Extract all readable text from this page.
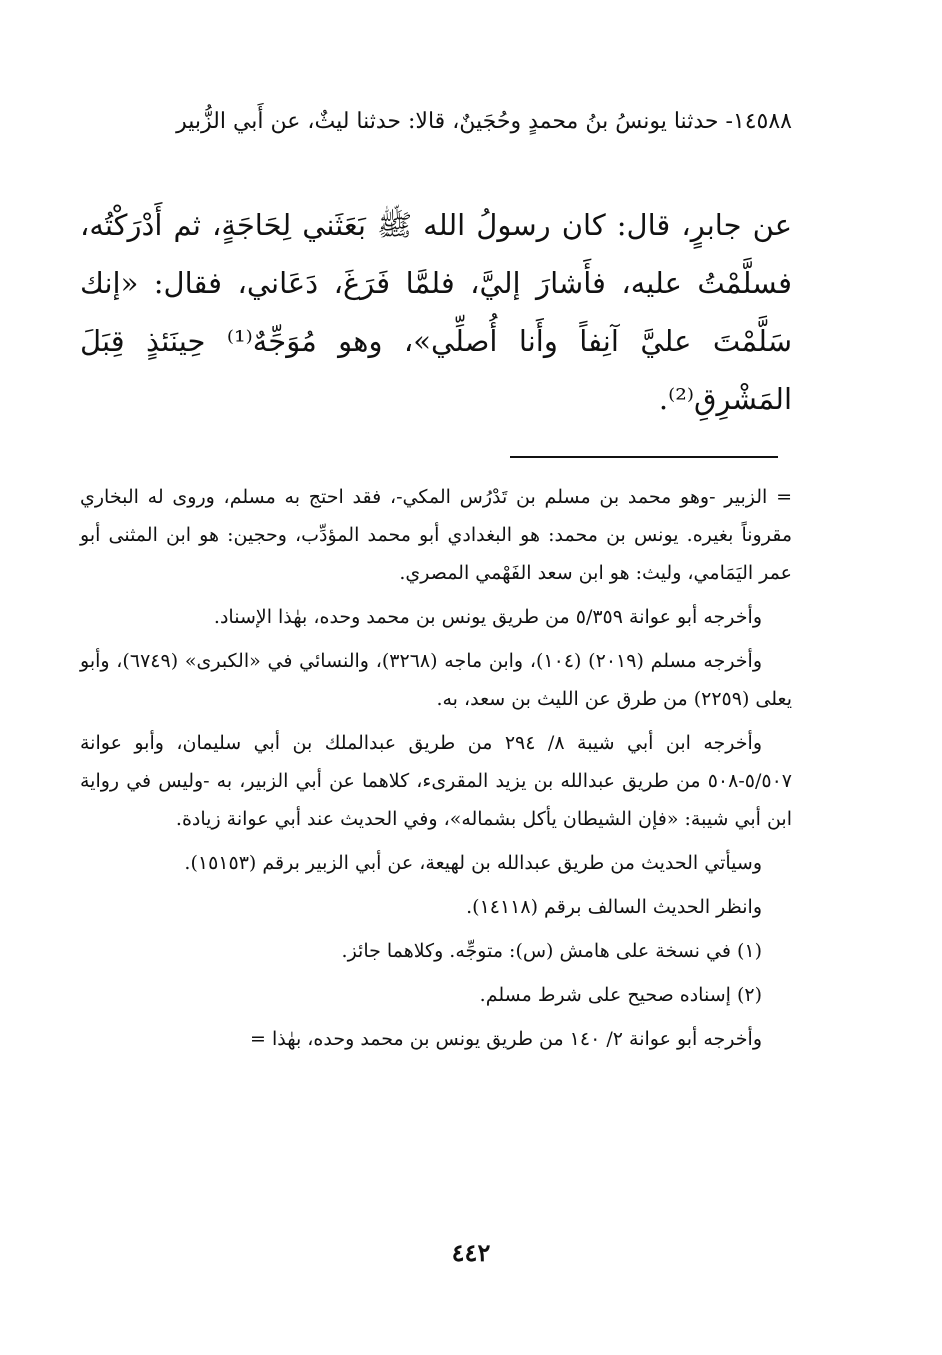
١٤٥٨٨- حدثنا يونسُ بنُ محمدٍ وحُجَينٌ، قالا: حدثنا ليثٌ، عن أَبي الزُّبير
عن جابرٍ، قال: كان رسولُ الله ﷺ بَعَثَني لِحَاجَةٍ، ثم أَدْرَكْتُه، فسلَّمْتُ عليه، فأَشارَ إليَّ، فلمَّا فَرَغَ، دَعَاني، فقال: «إنك سَلَّمْتَ عليَّ آنِفاً وأَنا أُصلِّي»، وهو مُوَجِّهٌ⁽¹⁾ حِينَئذٍ قِبَلَ المَشْرِقِ⁽²⁾.

= الزبير -وهو محمد بن مسلم بن تَدْرُس المكي-، فقد احتج به مسلم، وروى له البخاري مقروناً بغيره. يونس بن محمد: هو البغدادي أبو محمد المؤدِّب، وحجين: هو ابن المثنى أبو عمر اليَمَامي، وليث: هو ابن سعد الفَهْمي المصري.

وأخرجه أبو عوانة ٥/٣٥٩ من طريق يونس بن محمد وحده، بهٰذا الإسناد.

وأخرجه مسلم (٢٠١٩) (١٠٤)، وابن ماجه (٣٢٦٨)، والنسائي في «الكبرى» (٦٧٤٩)، وأبو يعلى (٢٢٥٩) من طرق عن الليث بن سعد، به.

وأخرجه ابن أبي شيبة ٨/ ٢٩٤ من طريق عبدالملك بن أبي سليمان، وأبو عوانة ٥/٥٠٧-٥٠٨ من طريق عبدالله بن يزيد المقرىء، كلاهما عن أبي الزبير، به -وليس في رواية ابن أبي شيبة: «فإن الشيطان يأكل بشماله»، وفي الحديث عند أبي عوانة زيادة.

وسيأتي الحديث من طريق عبدالله بن لهيعة، عن أبي الزبير برقم (١٥١٥٣).

وانظر الحديث السالف برقم (١٤١١٨).

(١) في نسخة على هامش (س): متوجِّه. وكلاهما جائز.

(٢) إسناده صحيح على شرط مسلم.

وأخرجه أبو عوانة ٢/ ١٤٠ من طريق يونس بن محمد وحده، بهٰذا =

٤٤٢
